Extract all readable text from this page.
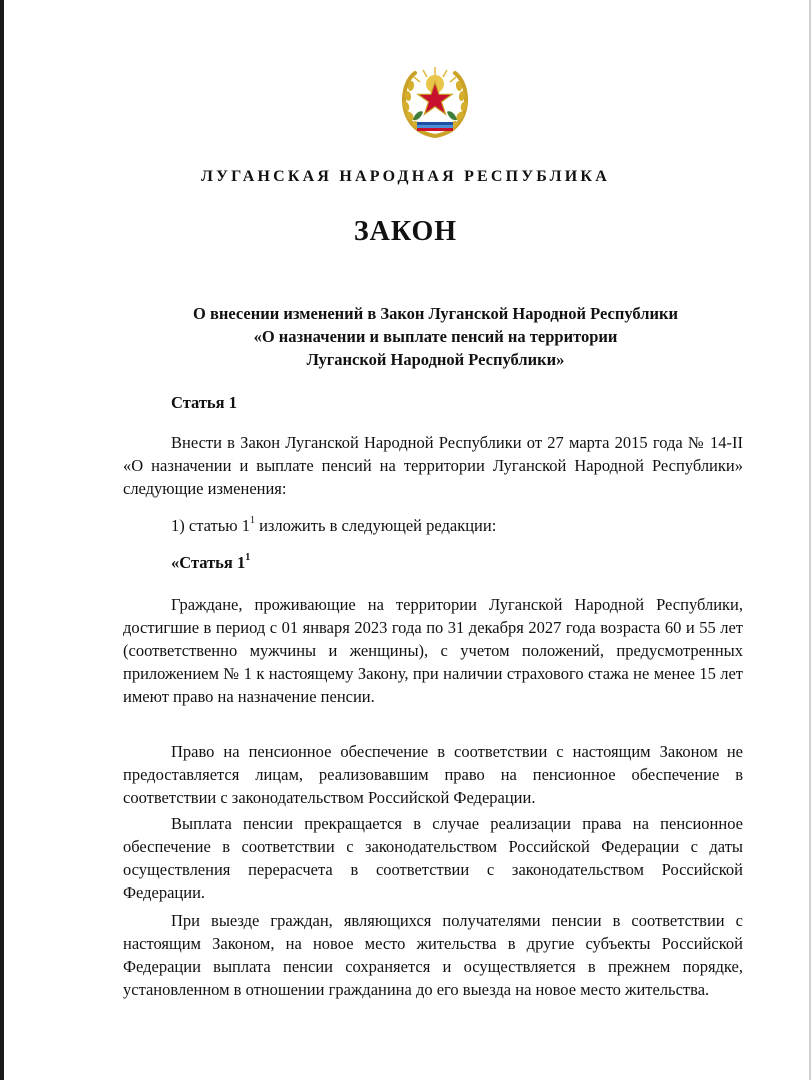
ЛУГАНСКАЯ НАРОДНАЯ РЕСПУБЛИКА
ЗАКОН
О внесении изменений в Закон Луганской Народной Республики
«О назначении и выплате пенсий на территории
Луганской Народной Республики»
Статья 1
Внести в Закон Луганской Народной Республики от 27 марта 2015 года № 14-II «О назначении и выплате пенсий на территории Луганской Народной Республики» следующие изменения:
1) статью $1^1$ изложить в следующей редакции:
«Статья $1^1$
Граждане, проживающие на территории Луганской Народной Республики, достигшие в период с 01 января 2023 года по 31 декабря 2027 года возраста 60 и 55 лет (соответственно мужчины и женщины), с учетом положений, предусмотренных приложением № 1 к настоящему Закону, при наличии страхового стажа не менее 15 лет имеют право на назначение пенсии.
Право на пенсионное обеспечение в соответствии с настоящим Законом не предоставляется лицам, реализовавшим право на пенсионное обеспечение в соответствии с законодательством Российской Федерации.
Выплата пенсии прекращается в случае реализации права на пенсионное обеспечение в соответствии с законодательством Российской Федерации с даты осуществления перерасчета в соответствии с законодательством Российской Федерации.
При выезде граждан, являющихся получателями пенсии в соответствии с настоящим Законом, на новое место жительства в другие субъекты Российской Федерации выплата пенсии сохраняется и осуществляется в прежнем порядке, установленном в отношении гражданина до его выезда на новое место жительства.
